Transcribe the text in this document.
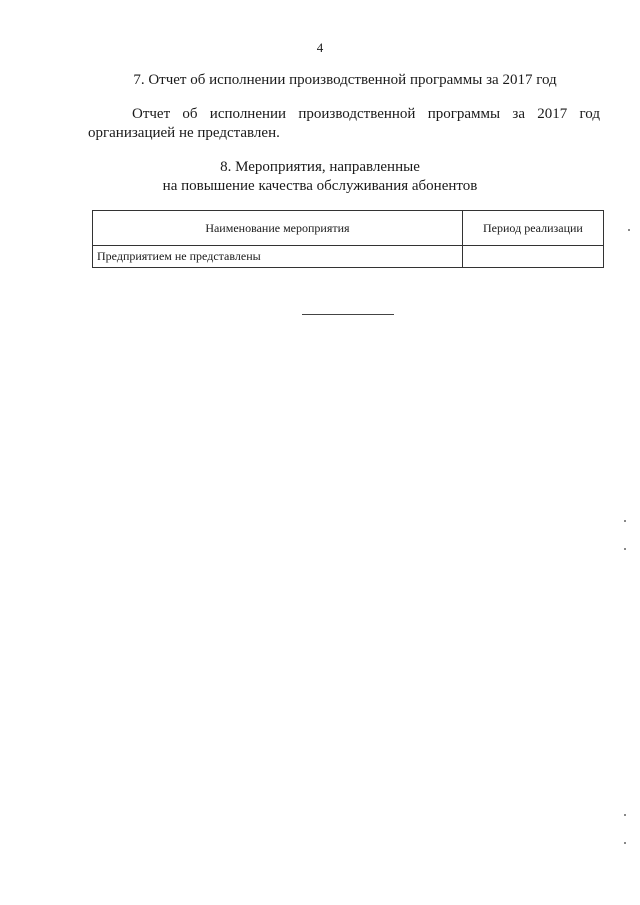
4
7. Отчет об исполнении производственной программы за 2017 год
Отчет об исполнении производственной программы за 2017 год организацией не представлен.
8. Мероприятия, направленные
на повышение качества обслуживания абонентов
Наименование мероприятия	Период реализации
Предприятием не представлены	
